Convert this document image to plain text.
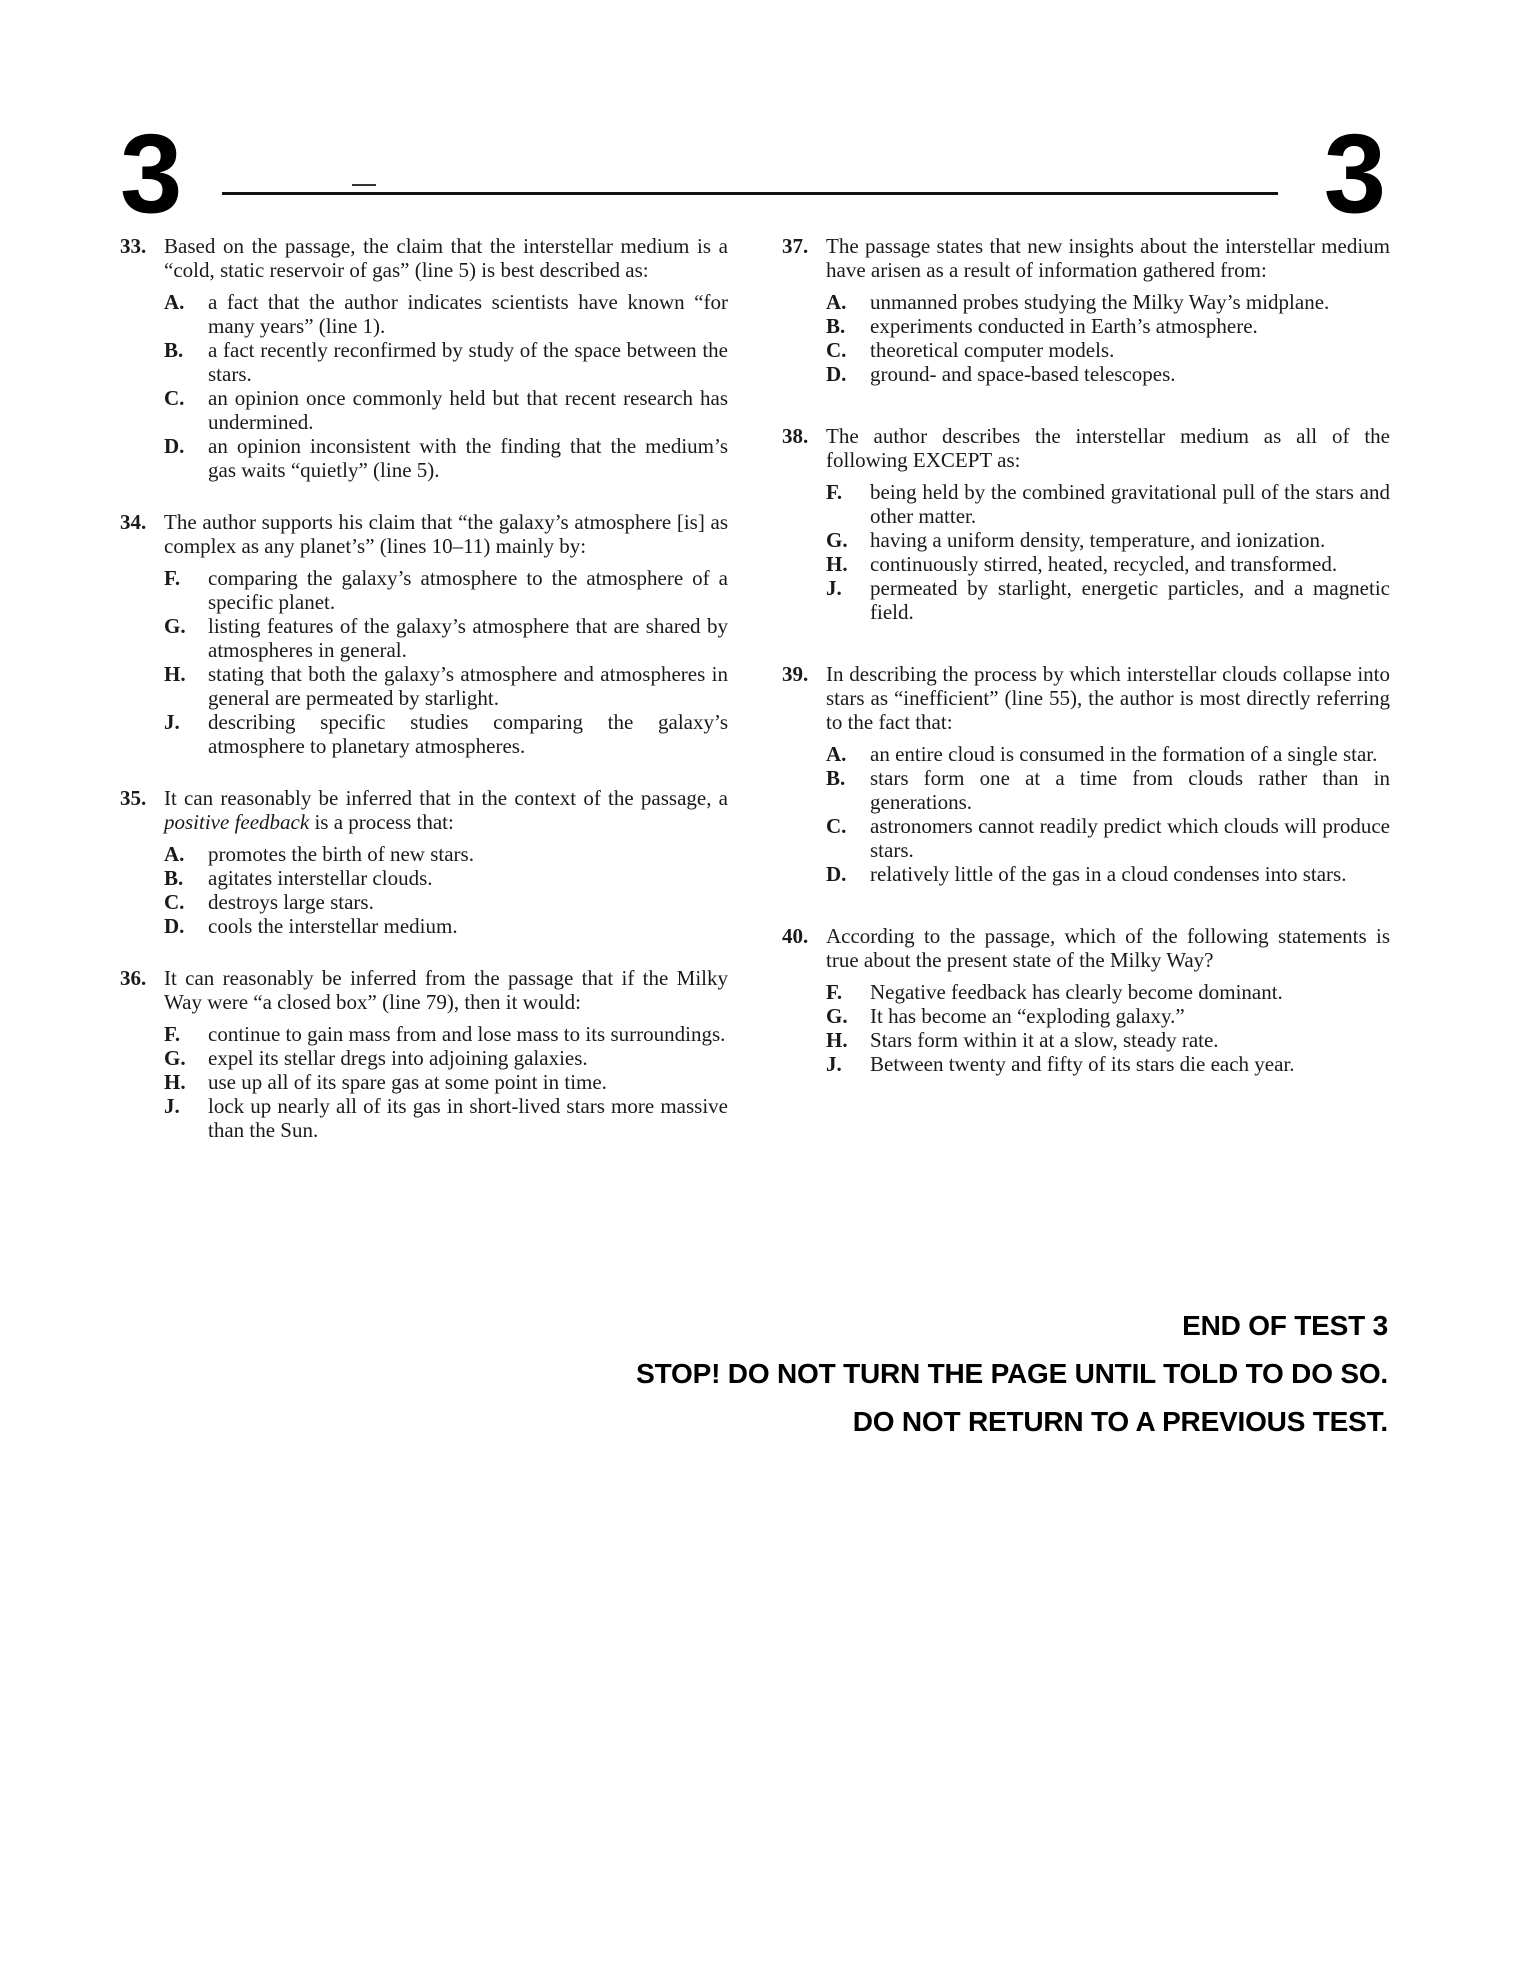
3	3
33. Based on the passage, the claim that the interstellar medium is a “cold, static reservoir of gas” (line 5) is best described as:

A. a fact that the author indicates scientists have known “for many years” (line 1).
B. a fact recently reconfirmed by study of the space between the stars.
C. an opinion once commonly held but that recent research has undermined.
D. an opinion inconsistent with the finding that the medium’s gas waits “quietly” (line 5).
34. The author supports his claim that “the galaxy’s atmosphere [is] as complex as any planet’s” (lines 10–11) mainly by:

F. comparing the galaxy’s atmosphere to the atmosphere of a specific planet.
G. listing features of the galaxy’s atmosphere that are shared by atmospheres in general.
H. stating that both the galaxy’s atmosphere and atmospheres in general are permeated by starlight.
J. describing specific studies comparing the galaxy’s atmosphere to planetary atmospheres.
35. It can reasonably be inferred that in the context of the passage, a positive feedback is a process that:

A. promotes the birth of new stars.
B. agitates interstellar clouds.
C. destroys large stars.
D. cools the interstellar medium.
36. It can reasonably be inferred from the passage that if the Milky Way were “a closed box” (line 79), then it would:

F. continue to gain mass from and lose mass to its surroundings.
G. expel its stellar dregs into adjoining galaxies.
H. use up all of its spare gas at some point in time.
J. lock up nearly all of its gas in short-lived stars more massive than the Sun.
37. The passage states that new insights about the interstellar medium have arisen as a result of information gathered from:

A. unmanned probes studying the Milky Way’s midplane.
B. experiments conducted in Earth’s atmosphere.
C. theoretical computer models.
D. ground- and space-based telescopes.
38. The author describes the interstellar medium as all of the following EXCEPT as:

F. being held by the combined gravitational pull of the stars and other matter.
G. having a uniform density, temperature, and ionization.
H. continuously stirred, heated, recycled, and transformed.
J. permeated by starlight, energetic particles, and a magnetic field.
39. In describing the process by which interstellar clouds collapse into stars as “inefficient” (line 55), the author is most directly referring to the fact that:

A. an entire cloud is consumed in the formation of a single star.
B. stars form one at a time from clouds rather than in generations.
C. astronomers cannot readily predict which clouds will produce stars.
D. relatively little of the gas in a cloud condenses into stars.
40. According to the passage, which of the following statements is true about the present state of the Milky Way?

F. Negative feedback has clearly become dominant.
G. It has become an “exploding galaxy.”
H. Stars form within it at a slow, steady rate.
J. Between twenty and fifty of its stars die each year.
END OF TEST 3
STOP! DO NOT TURN THE PAGE UNTIL TOLD TO DO SO.
DO NOT RETURN TO A PREVIOUS TEST.
